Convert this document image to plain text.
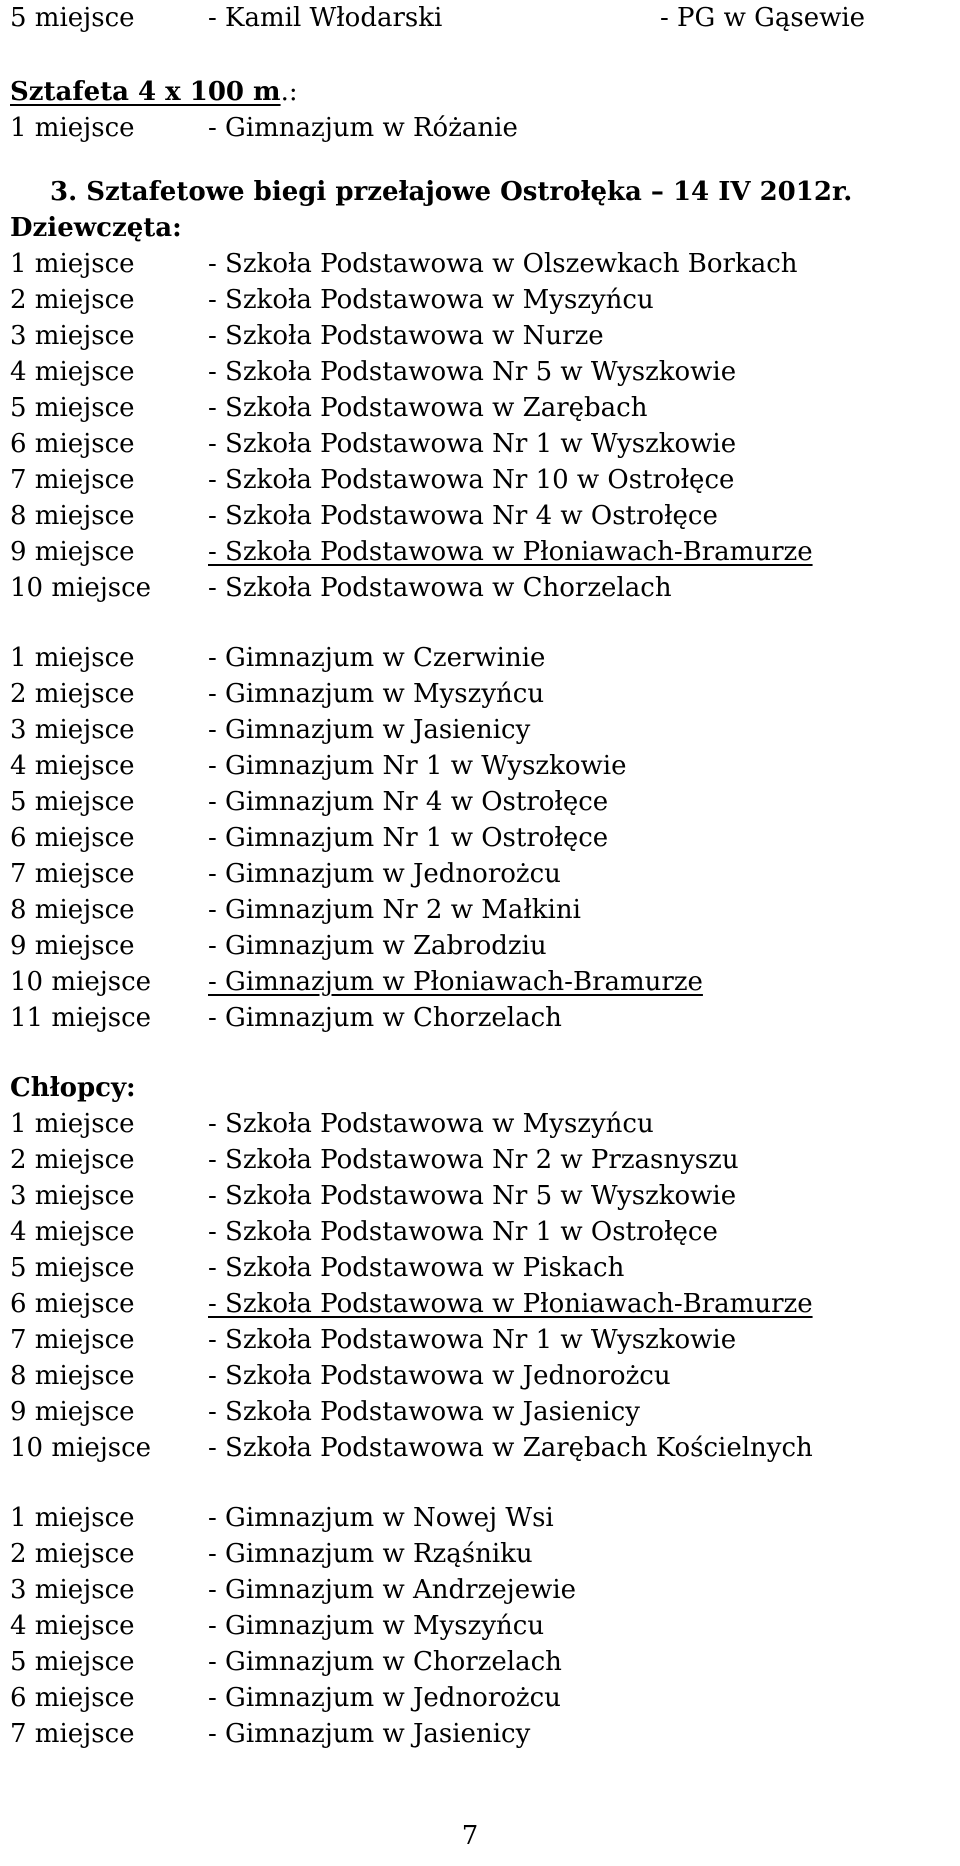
5 miejsce	- Kamil Włodarski	- PG w Gąsewie
Sztafeta 4 x 100 m.:
1 miejsce	- Gimnazjum w Różanie
3. Sztafetowe biegi przełajowe Ostrołęka – 14 IV 2012r.
Dziewczęta:
1 miejsce	- Szkoła Podstawowa w Olszewkach Borkach
2 miejsce	- Szkoła Podstawowa w Myszyńcu
3 miejsce	- Szkoła Podstawowa w Nurze
4 miejsce	- Szkoła Podstawowa Nr 5 w Wyszkowie
5 miejsce	- Szkoła Podstawowa w Zarębach
6 miejsce	- Szkoła Podstawowa Nr 1 w Wyszkowie
7 miejsce	- Szkoła Podstawowa Nr 10 w Ostrołęce
8 miejsce	- Szkoła Podstawowa Nr 4 w Ostrołęce
9 miejsce	- Szkoła Podstawowa w Płoniawach-Bramurze
10 miejsce - Szkoła Podstawowa w Chorzelach
1 miejsce	- Gimnazjum w Czerwinie
2 miejsce	- Gimnazjum w Myszyńcu
3 miejsce	- Gimnazjum w Jasienicy
4 miejsce	- Gimnazjum Nr 1 w Wyszkowie
5 miejsce	- Gimnazjum Nr 4 w Ostrołęce
6 miejsce	- Gimnazjum Nr 1 w Ostrołęce
7 miejsce	- Gimnazjum w Jednorożcu
8 miejsce	- Gimnazjum Nr 2 w Małkini
9 miejsce	- Gimnazjum w Zabrodziu
10 miejsce - Gimnazjum w Płoniawach-Bramurze
11 miejsce - Gimnazjum w Chorzelach
Chłopcy:
1 miejsce	- Szkoła Podstawowa w Myszyńcu
2 miejsce	- Szkoła Podstawowa Nr 2 w Przasnyszu
3 miejsce	- Szkoła Podstawowa Nr 5 w Wyszkowie
4 miejsce	- Szkoła Podstawowa Nr 1 w Ostrołęce
5 miejsce	- Szkoła Podstawowa w Piskach
6 miejsce	- Szkoła Podstawowa w Płoniawach-Bramurze
7 miejsce	- Szkoła Podstawowa Nr 1 w Wyszkowie
8 miejsce	- Szkoła Podstawowa w Jednorożcu
9 miejsce	- Szkoła Podstawowa w Jasienicy
10 miejsce - Szkoła Podstawowa w Zarębach Kościelnych
1 miejsce	- Gimnazjum w Nowej Wsi
2 miejsce	- Gimnazjum w Rząśniku
3 miejsce	- Gimnazjum w Andrzejewie
4 miejsce	- Gimnazjum w Myszyńcu
5 miejsce	- Gimnazjum w Chorzelach
6 miejsce	- Gimnazjum w Jednorożcu
7 miejsce	- Gimnazjum w Jasienicy
7
